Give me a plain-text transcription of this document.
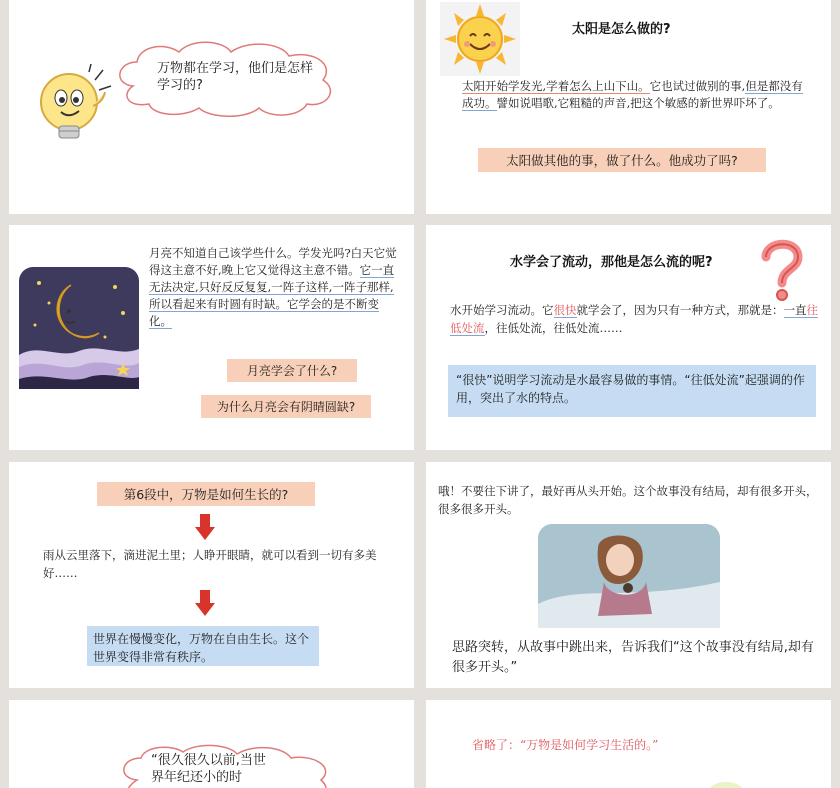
万物都在学习，他们是怎样学习的?
太阳是怎么做的?
太阳开始学发光,学着怎么上山下山。它也试过做别的事,但是都没有成功。譬如说唱歌,它粗糙的声音,把这个敏感的新世界吓坏了。
太阳做其他的事，做了什么。他成功了吗?
月亮不知道自己该学些什么。学发光吗?白天它觉得这主意不好,晚上它又觉得这主意不错。它一直无法决定,只好反反复复,一阵子这样,一阵子那样,所以看起来有时圆有时缺。它学会的是不断变化。
月亮学会了什么?
为什么月亮会有阴晴圆缺?
水学会了流动，那他是怎么流的呢?
水开始学习流动。它很快就学会了，因为只有一种方式，那就是：一直往低处流，往低处流，往低处流……
“很快”说明学习流动是水最容易做的事情。“往低处流”起强调的作用，突出了水的特点。
第6段中，万物是如何生长的?
雨从云里落下，滴进泥土里；人睁开眼睛，就可以看到一切有多美好……
世界在慢慢变化，万物在自由生长。这个世界变得非常有秩序。
哦！不要往下讲了，最好再从头开始。这个故事没有结局，却有很多开头，很多很多开头。
思路突转，从故事中跳出来，告诉我们“这个故事没有结局,却有很多开头。”
“很久很久以前,当世
界年纪还小的时
省略了：“万物是如何学习生活的。”
